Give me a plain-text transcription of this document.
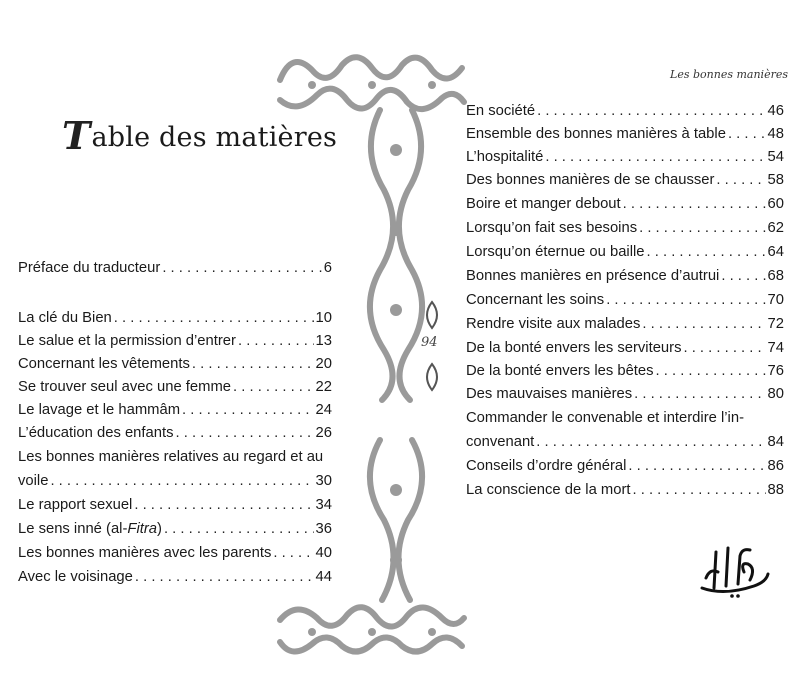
Les bonnes manières
Table des matières
94
Préface du traducteur . . .	6
La clé du Bien . . .	10
Le salue et la permission d’entrer . . .	13
Concernant les vêtements . . .	20
Se trouver seul avec une femme . . .	22
Le lavage et le hammâm . . .	24
L’éducation des enfants . . .	26
Les bonnes manières relatives au regard et au
voile . . .	30
Le rapport sexuel . . .	34
Le sens inné (al-Fitra) . . .	36
Les bonnes manières avec les parents . . .	40
Avec le voisinage . . .	44
En société . . .	46
Ensemble des bonnes manières à table . . .	48
L’hospitalité . . .	54
Des bonnes manières de se chausser . . .	58
Boire et manger debout . . .	60
Lorsqu’on fait ses besoins . . .	62
Lorsqu’on éternue ou baille . . .	64
Bonnes manières en présence d’autrui . . .	68
Concernant les soins . . .	70
Rendre visite aux malades . . .	72
De la bonté envers les serviteurs . . .	74
De la bonté envers les bêtes . . .	76
Des mauvaises manières . . .	80
Commander le convenable et interdire l’in-
convenant . . .	84
Conseils d’ordre général . . .	86
La conscience de la mort . . .	88
